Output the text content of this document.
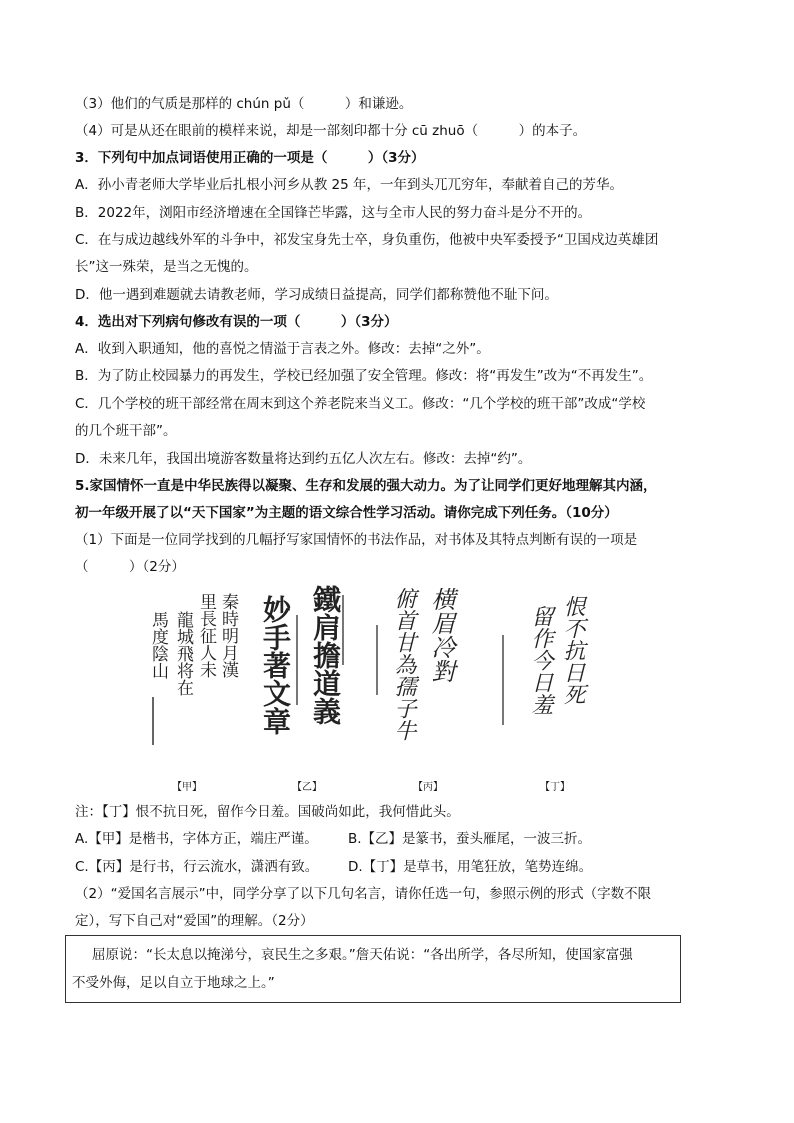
（3）他们的气质是那样的 chún pǔ（　　　）和谦逊。
（4）可是从还在眼前的模样来说，却是一部刻印都十分 cū zhuō（　　　）的本子。
3．下列句中加点词语使用正确的一项是（　　　）（3分）
A．孙小青老师大学毕业后扎根小河乡从教 25 年，一年到头兀兀穷年，奉献着自己的芳华。
B．2022年，浏阳市经济增速在全国锋芒毕露，这与全市人民的努力奋斗是分不开的。
C．在与成边越线外军的斗争中，祁发宝身先士卒，身负重伤，他被中央军委授予“卫国戍边英雄团
长”这一殊荣，是当之无愧的。
D．他一遇到难题就去请教老师，学习成绩日益提高，同学们都称赞他不耻下问。
4．选出对下列病句修改有误的一项（　　　）（3分）
A．收到入职通知，他的喜悦之情溢于言表之外。修改：去掉“之外”。
B．为了防止校园暴力的再发生，学校已经加强了安全管理。修改：将“再发生”改为“不再发生”。
C．几个学校的班干部经常在周末到这个养老院来当义工。修改：“几个学校的班干部”改成“学校
的几个班干部”。
D．未来几年，我国出境游客数量将达到约五亿人次左右。修改：去掉“约”。
5.家国情怀一直是中华民族得以凝聚、生存和发展的强大动力。为了让同学们更好地理解其内涵，
初一年级开展了以“天下国家”为主题的语文综合性学习活动。请你完成下列任务。（10分）
（1）下面是一位同学找到的几幅抒写家国情怀的书法作品，对书体及其特点判断有误的一项是
（　　　）（2分）
秦時明月漢
里長征人未
龍城飛将在
馬度陰山
【甲】
鐵肩擔道義
妙手著文章
【乙】
横眉冷對
俯首甘為孺子牛
【丙】
恨不抗日死
留作今日羞
【丁】
注：【丁】恨不抗日死，留作今日羞。国破尚如此，我何惜此头。
A.【甲】是楷书，字体方正，端庄严谨。 B.【乙】是篆书，蚕头雁尾，一波三折。
C.【丙】是行书，行云流水，潇洒有致。 D.【丁】是草书，用笔狂放，笔势连绵。
（2）“爱国名言展示”中，同学分享了以下几句名言，请你任选一句，参照示例的形式（字数不限
定），写下自己对“爱国”的理解。（2分）
屈原说：“长太息以掩涕兮，哀民生之多艰。”詹天佑说：“各出所学，各尽所知，使国家富强
不受外侮，足以自立于地球之上。”
